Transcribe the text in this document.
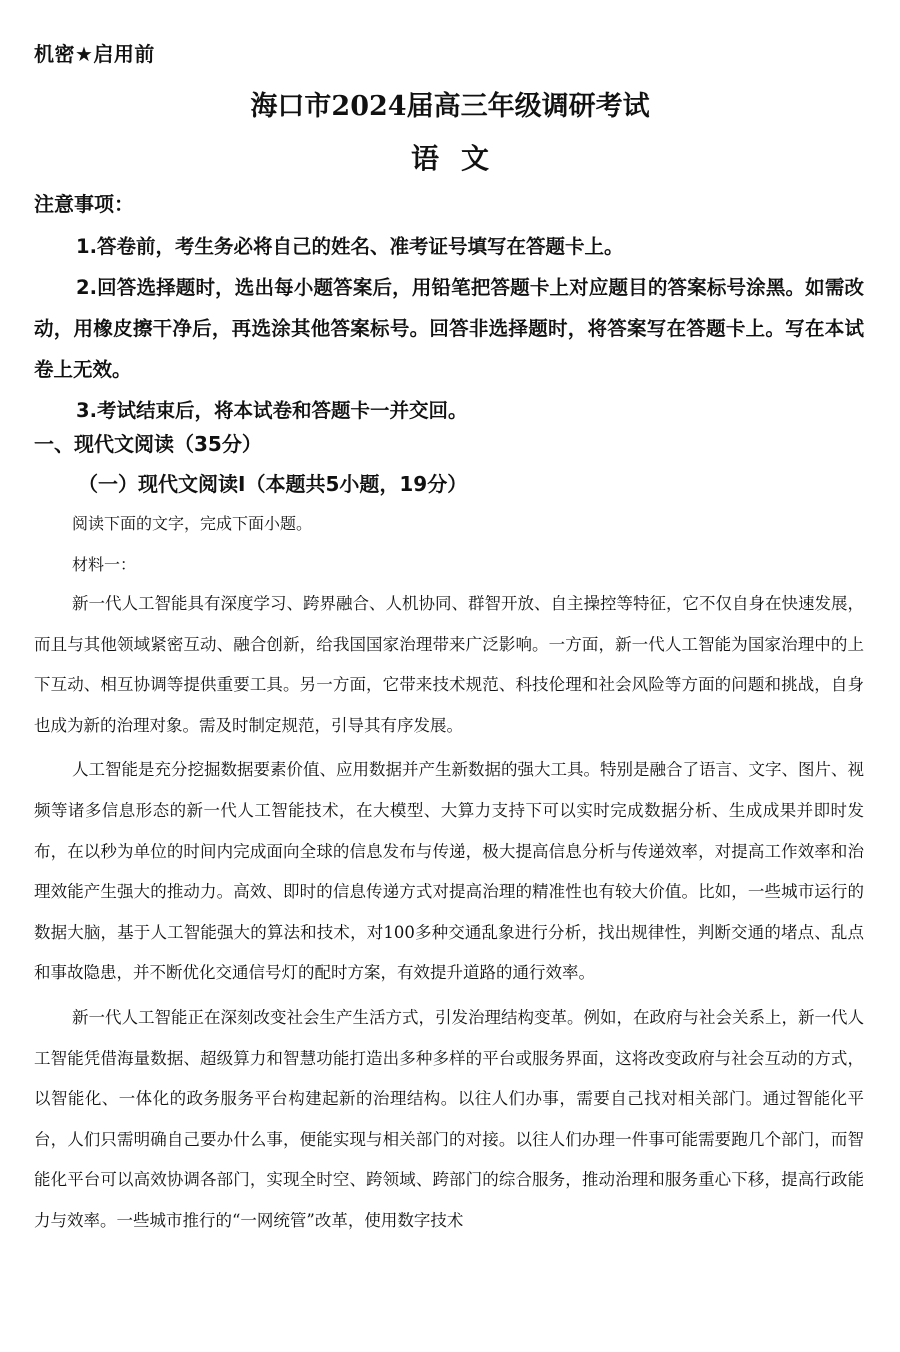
机密★启用前
海口市2024届高三年级调研考试
语文
注意事项：

1.答卷前，考生务必将自己的姓名、准考证号填写在答题卡上。

2.回答选择题时，选出每小题答案后，用铅笔把答题卡上对应题目的答案标号涂黑。如需改动，用橡皮擦干净后，再选涂其他答案标号。回答非选择题时，将答案写在答题卡上。写在本试卷上无效。

3.考试结束后，将本试卷和答题卡一并交回。

一、现代文阅读（35分）
（一）现代文阅读Ⅰ（本题共5小题，19分）
阅读下面的文字，完成下面小题。
材料一：

新一代人工智能具有深度学习、跨界融合、人机协同、群智开放、自主操控等特征，它不仅自身在快速发展，而且与其他领域紧密互动、融合创新，给我国国家治理带来广泛影响。一方面，新一代人工智能为国家治理中的上下互动、相互协调等提供重要工具。另一方面，它带来技术规范、科技伦理和社会风险等方面的问题和挑战，自身也成为新的治理对象。需及时制定规范，引导其有序发展。

人工智能是充分挖掘数据要素价值、应用数据并产生新数据的强大工具。特别是融合了语言、文字、图片、视频等诸多信息形态的新一代人工智能技术，在大模型、大算力支持下可以实时完成数据分析、生成成果并即时发布，在以秒为单位的时间内完成面向全球的信息发布与传递，极大提高信息分析与传递效率，对提高工作效率和治理效能产生强大的推动力。高效、即时的信息传递方式对提高治理的精准性也有较大价值。比如，一些城市运行的数据大脑，基于人工智能强大的算法和技术，对100多种交通乱象进行分析，找出规律性，判断交通的堵点、乱点和事故隐患，并不断优化交通信号灯的配时方案，有效提升道路的通行效率。

新一代人工智能正在深刻改变社会生产生活方式，引发治理结构变革。例如，在政府与社会关系上，新一代人工智能凭借海量数据、超级算力和智慧功能打造出多种多样的平台或服务界面，这将改变政府与社会互动的方式，以智能化、一体化的政务服务平台构建起新的治理结构。以往人们办事，需要自己找对相关部门。通过智能化平台，人们只需明确自己要办什么事，便能实现与相关部门的对接。以往人们办理一件事可能需要跑几个部门，而智能化平台可以高效协调各部门，实现全时空、跨领域、跨部门的综合服务，推动治理和服务重心下移，提高行政能力与效率。一些城市推行的“一网统管”改革，使用数字技术
